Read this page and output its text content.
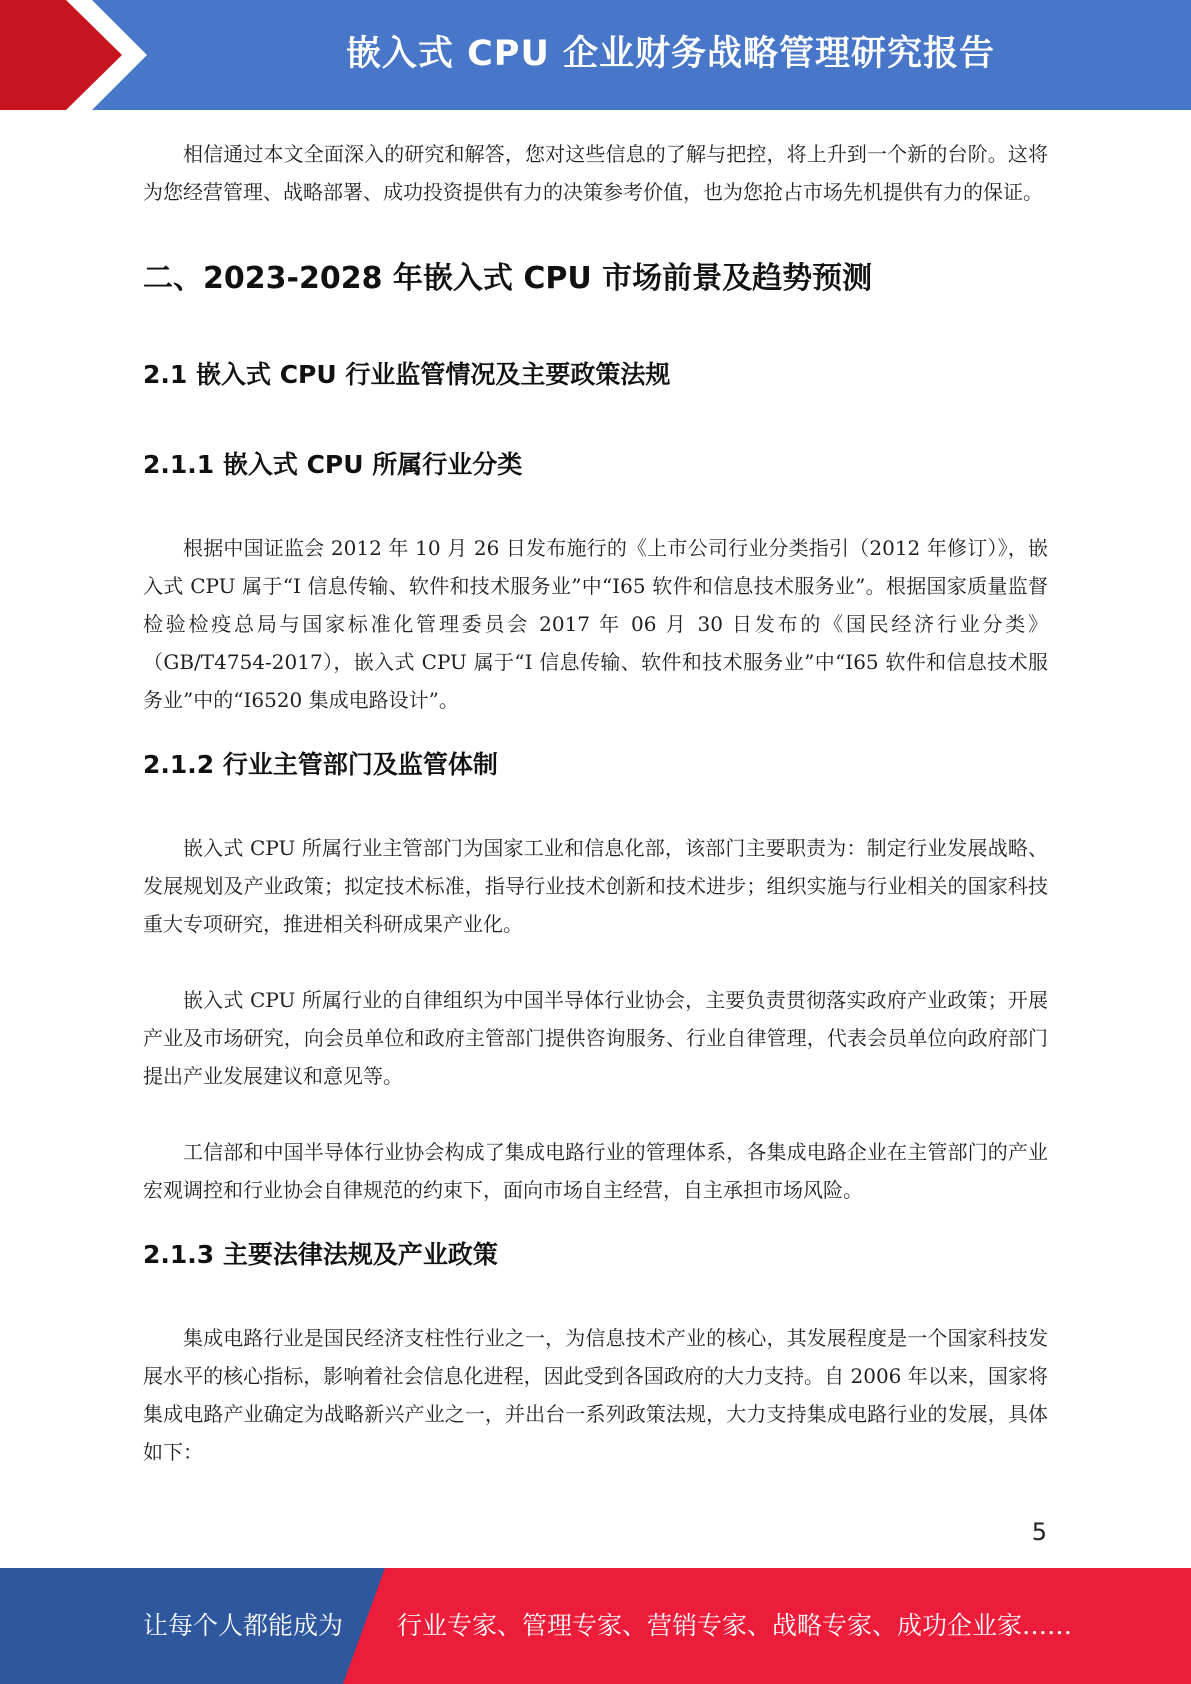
嵌入式 CPU 企业财务战略管理研究报告

相信通过本文全面深入的研究和解答，您对这些信息的了解与把控，将上升到一个新的台阶。这将为您经营管理、战略部署、成功投资提供有力的决策参考价值，也为您抢占市场先机提供有力的保证。

二、2023-2028 年嵌入式 CPU 市场前景及趋势预测
2.1 嵌入式 CPU 行业监管情况及主要政策法规
2.1.1 嵌入式 CPU 所属行业分类

根据中国证监会 2012 年 10 月 26 日发布施行的《上市公司行业分类指引（2012 年修订）》，嵌入式 CPU 属于“I 信息传输、软件和技术服务业”中“I65 软件和信息技术服务业”。根据国家质量监督检验检疫总局与国家标准化管理委员会 2017 年 06 月 30 日发布的《国民经济行业分类》（GB/T4754-2017），嵌入式 CPU 属于“I 信息传输、软件和技术服务业”中“I65 软件和信息技术服务业”中的“I6520 集成电路设计”。

2.1.2 行业主管部门及监管体制

嵌入式 CPU 所属行业主管部门为国家工业和信息化部，该部门主要职责为：制定行业发展战略、发展规划及产业政策；拟定技术标准，指导行业技术创新和技术进步；组织实施与行业相关的国家科技重大专项研究，推进相关科研成果产业化。

嵌入式 CPU 所属行业的自律组织为中国半导体行业协会，主要负责贯彻落实政府产业政策；开展产业及市场研究，向会员单位和政府主管部门提供咨询服务、行业自律管理，代表会员单位向政府部门提出产业发展建议和意见等。

工信部和中国半导体行业协会构成了集成电路行业的管理体系，各集成电路企业在主管部门的产业宏观调控和行业协会自律规范的约束下，面向市场自主经营，自主承担市场风险。

2.1.3 主要法律法规及产业政策

集成电路行业是国民经济支柱性行业之一，为信息技术产业的核心，其发展程度是一个国家科技发展水平的核心指标，影响着社会信息化进程，因此受到各国政府的大力支持。自 2006 年以来，国家将集成电路产业确定为战略新兴产业之一，并出台一系列政策法规，大力支持集成电路行业的发展，具体如下：

5
让每个人都能成为 行业专家、管理专家、营销专家、战略专家、成功企业家……
